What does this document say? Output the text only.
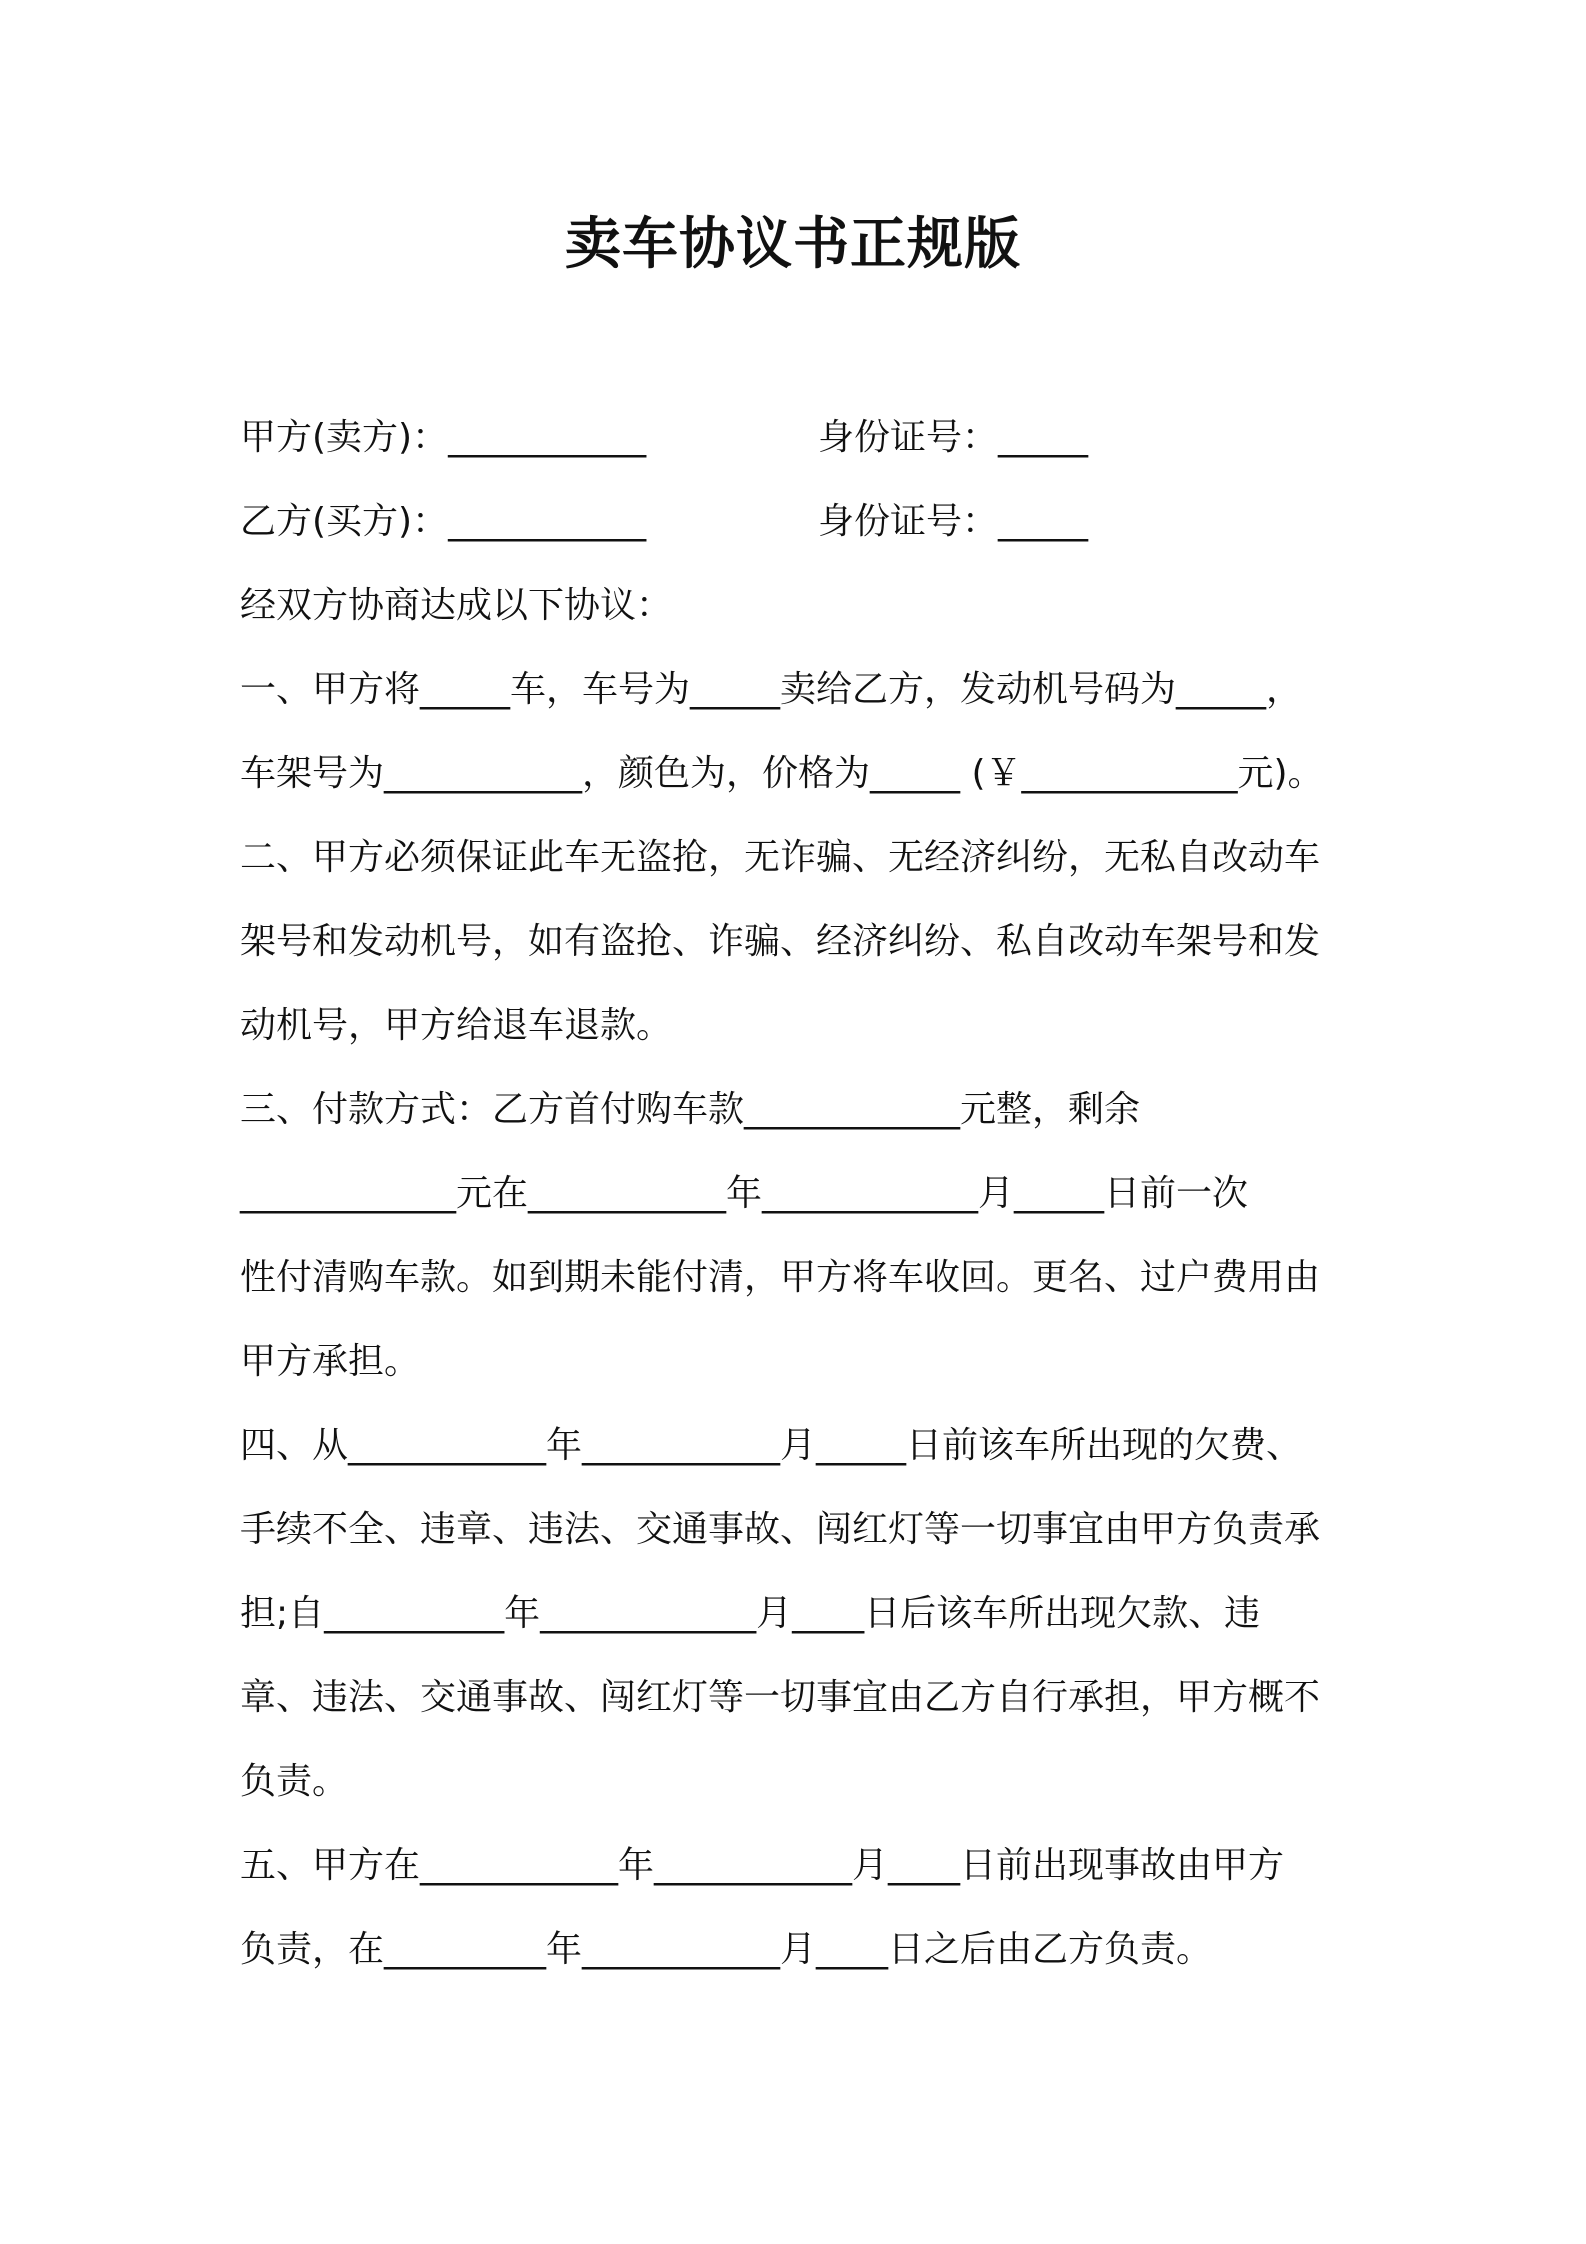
卖车协议书正规版
甲方(卖方)：___________	身份证号：_____
乙方(买方)：___________	身份证号：_____
经双方协商达成以下协议：
一、甲方将_____车，车号为_____卖给乙方，发动机号码为_____，
车架号为___________，颜色为，价格为_____ (￥____________元)。
二、甲方必须保证此车无盗抢，无诈骗、无经济纠纷，无私自改动车
架号和发动机号，如有盗抢、诈骗、经济纠纷、私自改动车架号和发
动机号，甲方给退车退款。
三、付款方式：乙方首付购车款____________元整，剩余
____________元在___________年____________月_____日前一次
性付清购车款。如到期未能付清，甲方将车收回。更名、过户费用由
甲方承担。
四、从___________年___________月_____日前该车所出现的欠费、
手续不全、违章、违法、交通事故、闯红灯等一切事宜由甲方负责承
担;自__________年____________月____日后该车所出现欠款、违
章、违法、交通事故、闯红灯等一切事宜由乙方自行承担，甲方概不
负责。
五、甲方在___________年___________月____日前出现事故由甲方
负责，在_________年___________月____日之后由乙方负责。
